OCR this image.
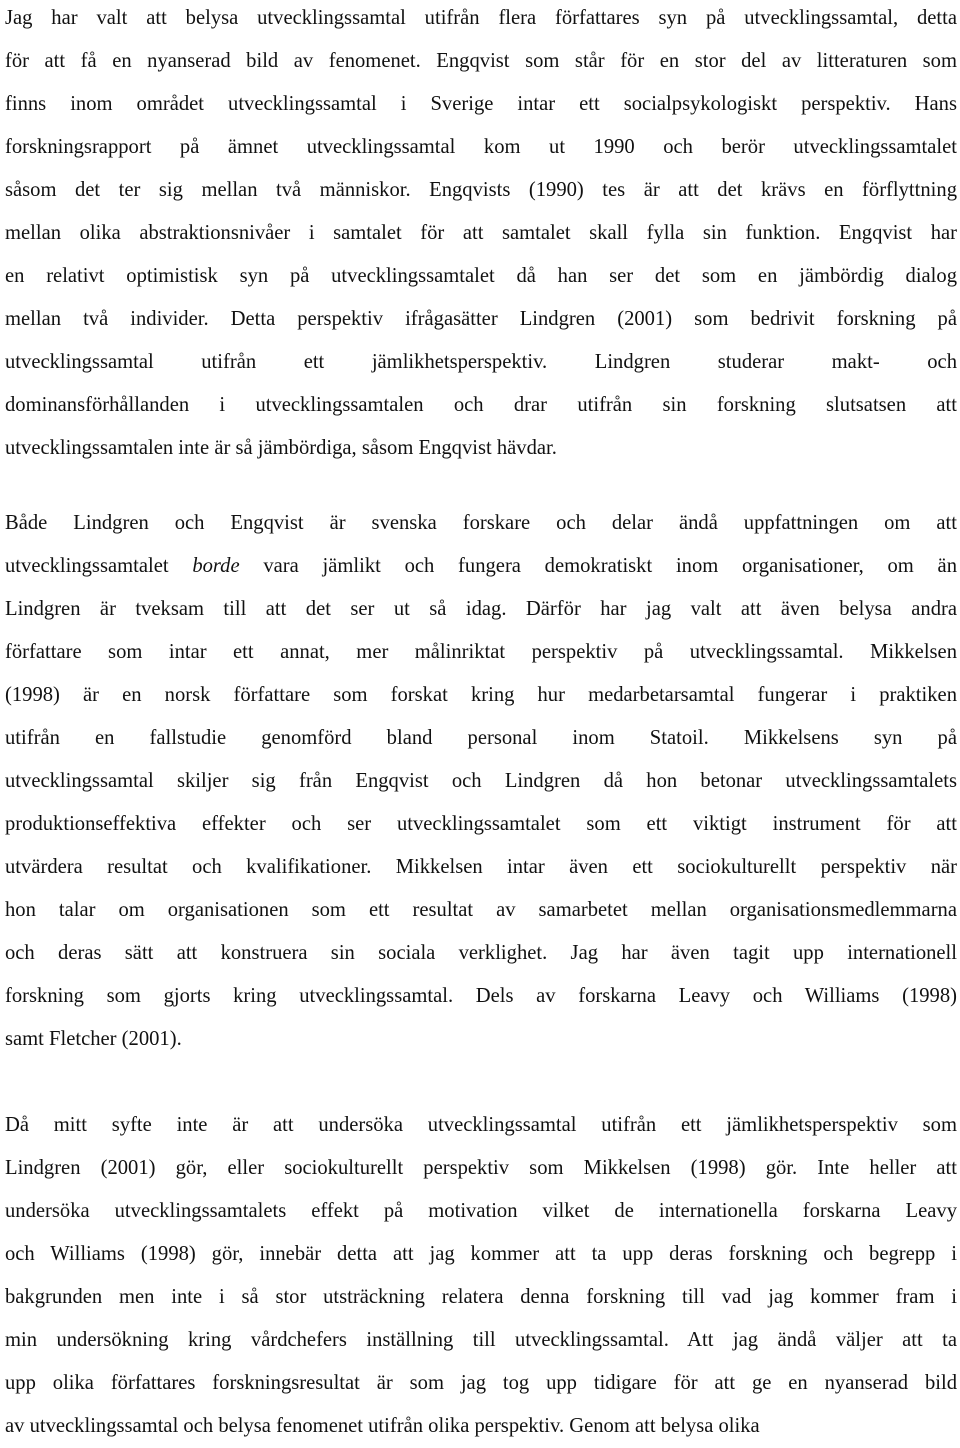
Jag har valt att belysa utvecklingssamtal utifrån flera författares syn på utvecklingssamtal, detta
för att få en nyanserad bild av fenomenet. Engqvist som står för en stor del av litteraturen som
finns inom området utvecklingssamtal i Sverige intar ett socialpsykologiskt perspektiv. Hans
forskningsrapport på ämnet utvecklingssamtal kom ut 1990 och berör utvecklingssamtalet
såsom det ter sig mellan två människor. Engqvists (1990) tes är att det krävs en förflyttning
mellan olika abstraktionsnivåer i samtalet för att samtalet skall fylla sin funktion. Engqvist har
en relativt optimistisk syn på utvecklingssamtalet då han ser det som en jämbördig dialog
mellan två individer. Detta perspektiv ifrågasätter Lindgren (2001) som bedrivit forskning på
utvecklingssamtal utifrån ett jämlikhetsperspektiv. Lindgren studerar makt- och
dominansförhållanden i utvecklingssamtalen och drar utifrån sin forskning slutsatsen att
utvecklingssamtalen inte är så jämbördiga, såsom Engqvist hävdar.
Både Lindgren och Engqvist är svenska forskare och delar ändå uppfattningen om att
utvecklingssamtalet borde vara jämlikt och fungera demokratiskt inom organisationer, om än
Lindgren är tveksam till att det ser ut så idag. Därför har jag valt att även belysa andra
författare som intar ett annat, mer målinriktat perspektiv på utvecklingssamtal. Mikkelsen
(1998) är en norsk författare som forskat kring hur medarbetarsamtal fungerar i praktiken
utifrån en fallstudie genomförd bland personal inom Statoil. Mikkelsens syn på
utvecklingssamtal skiljer sig från Engqvist och Lindgren då hon betonar utvecklingssamtalets
produktionseffektiva effekter och ser utvecklingssamtalet som ett viktigt instrument för att
utvärdera resultat och kvalifikationer. Mikkelsen intar även ett sociokulturellt perspektiv när
hon talar om organisationen som ett resultat av samarbetet mellan organisationsmedlemmarna
och deras sätt att konstruera sin sociala verklighet. Jag har även tagit upp internationell
forskning som gjorts kring utvecklingssamtal. Dels av forskarna Leavy och Williams (1998)
samt Fletcher (2001).
Då mitt syfte inte är att undersöka utvecklingssamtal utifrån ett jämlikhetsperspektiv som
Lindgren (2001) gör, eller sociokulturellt perspektiv som Mikkelsen (1998) gör. Inte heller att
undersöka utvecklingssamtalets effekt på motivation vilket de internationella forskarna Leavy
och Williams (1998) gör, innebär detta att jag kommer att ta upp deras forskning och begrepp i
bakgrunden men inte i så stor utsträckning relatera denna forskning till vad jag kommer fram i
min undersökning kring vårdchefers inställning till utvecklingssamtal. Att jag ändå väljer att ta
upp olika författares forskningsresultat är som jag tog upp tidigare för att ge en nyanserad bild
av utvecklingssamtal och belysa fenomenet utifrån olika perspektiv. Genom att belysa olika
